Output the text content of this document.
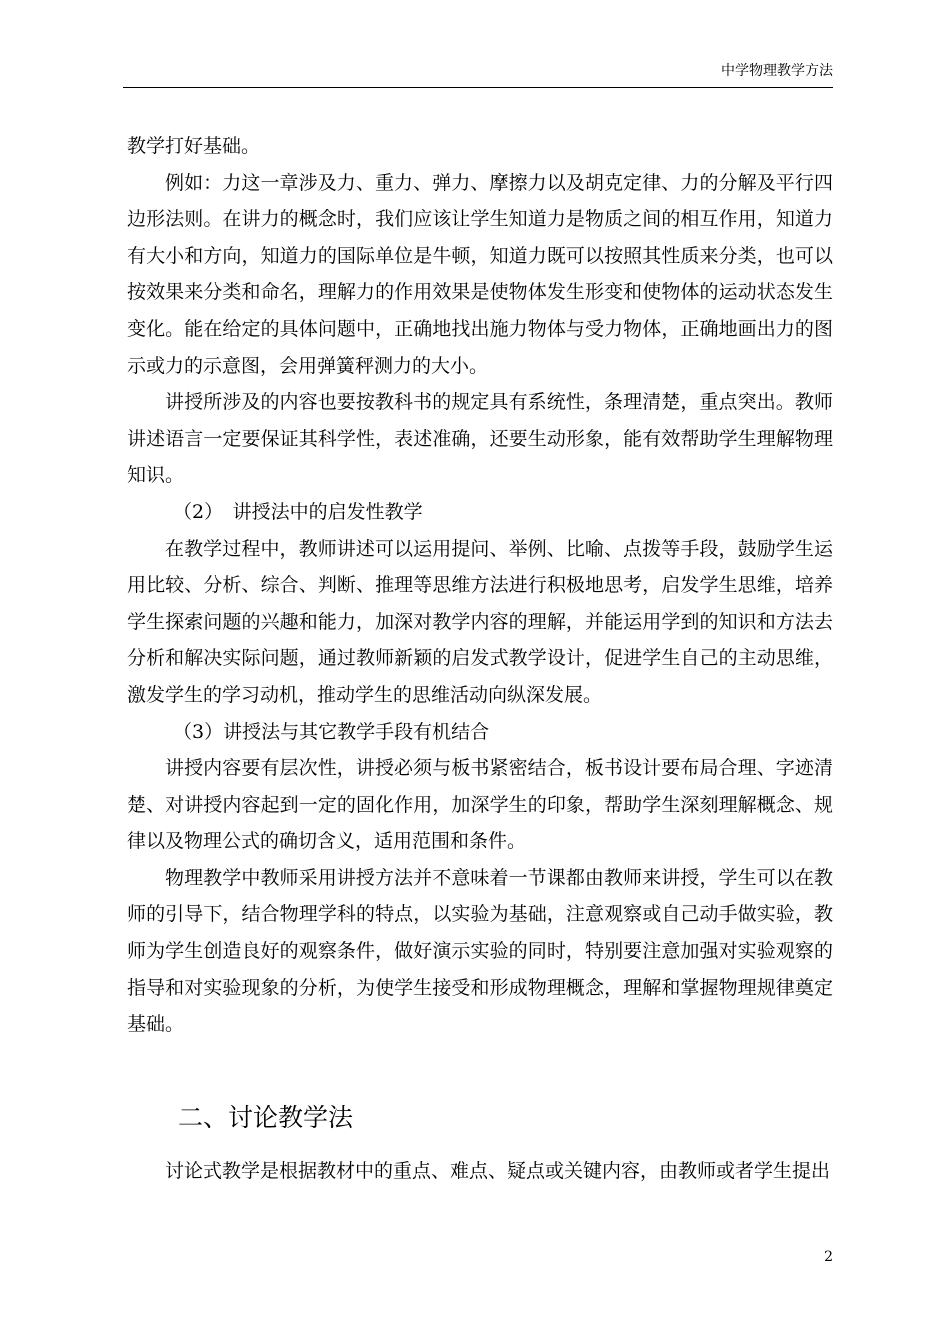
中学物理教学方法

教学打好基础。

例如：力这一章涉及力、重力、弹力、摩擦力以及胡克定律、力的分解及平行四边形法则。在讲力的概念时，我们应该让学生知道力是物质之间的相互作用，知道力有大小和方向，知道力的国际单位是牛顿，知道力既可以按照其性质来分类，也可以按效果来分类和命名，理解力的作用效果是使物体发生形变和使物体的运动状态发生变化。能在给定的具体问题中，正确地找出施力物体与受力物体，正确地画出力的图示或力的示意图，会用弹簧秤测力的大小。

讲授所涉及的内容也要按教科书的规定具有系统性，条理清楚，重点突出。教师讲述语言一定要保证其科学性，表述准确，还要生动形象，能有效帮助学生理解物理知识。

（2）　讲授法中的启发性教学

在教学过程中，教师讲述可以运用提问、举例、比喻、点拨等手段，鼓励学生运用比较、分析、综合、判断、推理等思维方法进行积极地思考，启发学生思维，培养学生探索问题的兴趣和能力，加深对教学内容的理解，并能运用学到的知识和方法去分析和解决实际问题，通过教师新颖的启发式教学设计，促进学生自己的主动思维，激发学生的学习动机，推动学生的思维活动向纵深发展。

（3）讲授法与其它教学手段有机结合

讲授内容要有层次性，讲授必须与板书紧密结合，板书设计要布局合理、字迹清楚、对讲授内容起到一定的固化作用，加深学生的印象，帮助学生深刻理解概念、规律以及物理公式的确切含义，适用范围和条件。

物理教学中教师采用讲授方法并不意味着一节课都由教师来讲授，学生可以在教师的引导下，结合物理学科的特点，以实验为基础，注意观察或自己动手做实验，教师为学生创造良好的观察条件，做好演示实验的同时，特别要注意加强对实验观察的指导和对实验现象的分析，为使学生接受和形成物理概念，理解和掌握物理规律奠定基础。

二、讨论教学法

讨论式教学是根据教材中的重点、难点、疑点或关键内容，由教师或者学生提出

2
